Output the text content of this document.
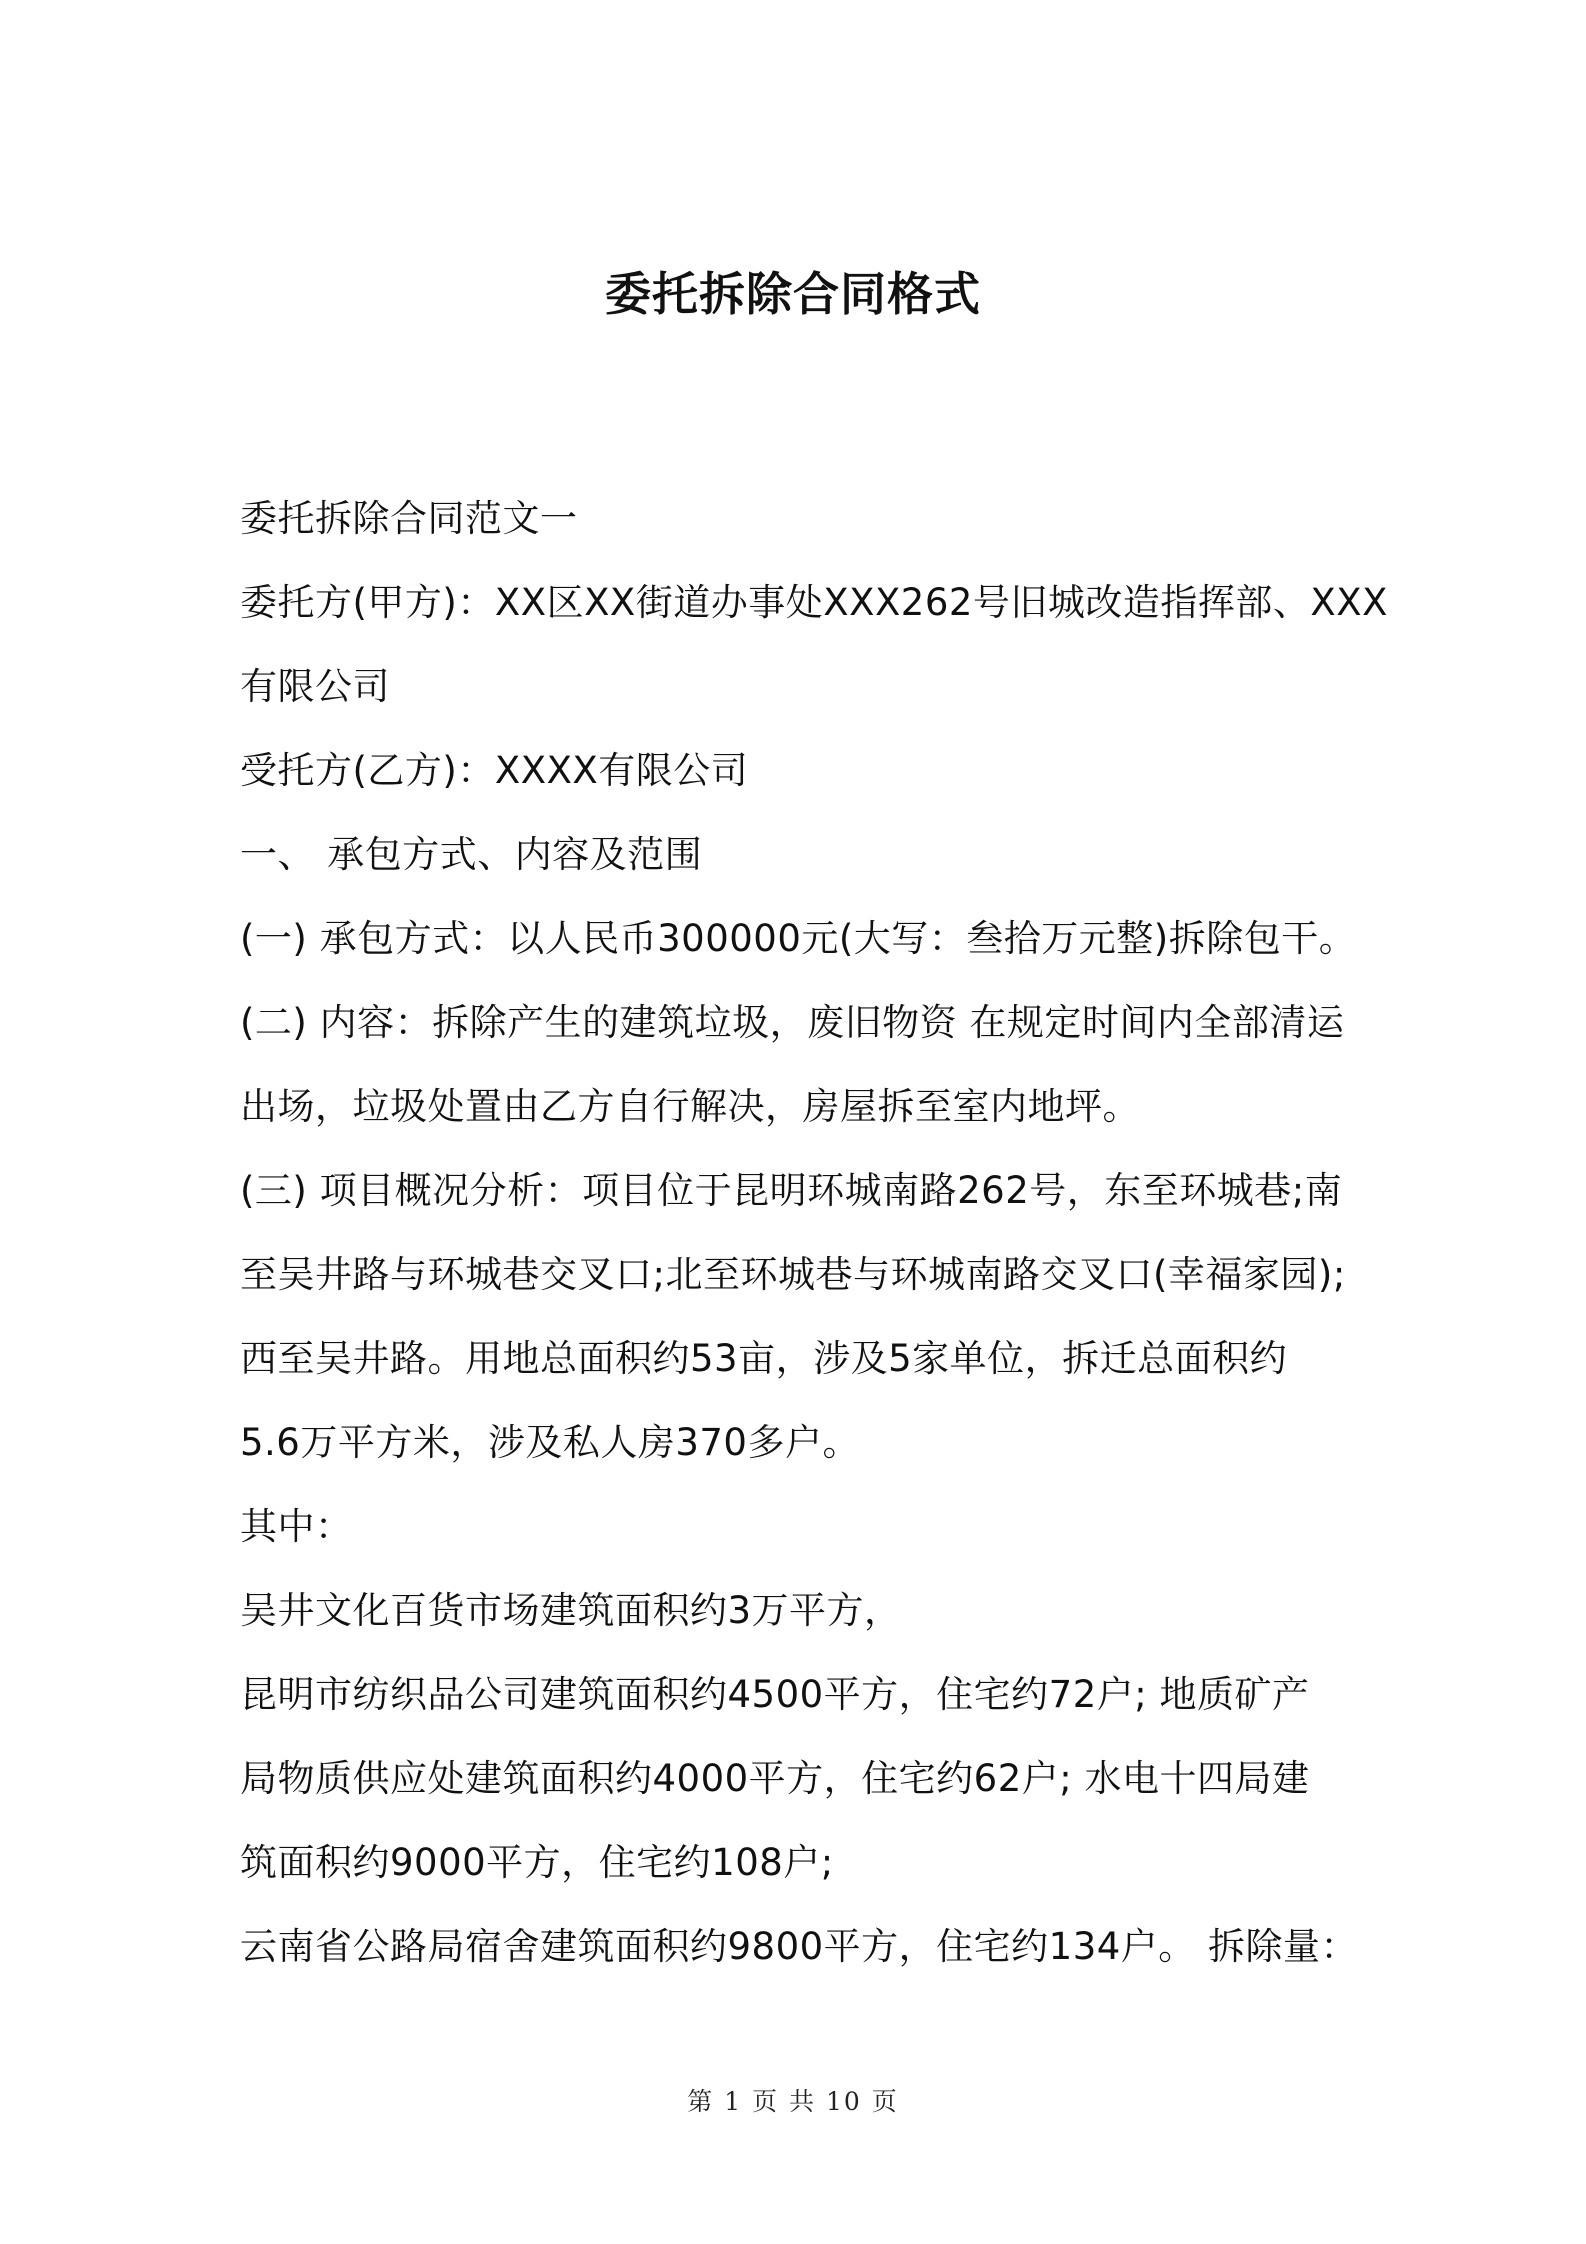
委托拆除合同格式
委托拆除合同范文一
委托方(甲方)：XX区XX街道办事处XXX262号旧城改造指挥部、XXX
有限公司
受托方(乙方)：XXXX有限公司
一、 承包方式、内容及范围
(一) 承包方式：以人民币300000元(大写：叁拾万元整)拆除包干。
(二) 内容：拆除产生的建筑垃圾，废旧物资 在规定时间内全部清运
出场，垃圾处置由乙方自行解决，房屋拆至室内地坪。
(三) 项目概况分析：项目位于昆明环城南路262号，东至环城巷;南
至吴井路与环城巷交叉口;北至环城巷与环城南路交叉口(幸福家园);
西至吴井路。用地总面积约53亩，涉及5家单位，拆迁总面积约
5.6万平方米，涉及私人房370多户。
其中：
吴井文化百货市场建筑面积约3万平方，
昆明市纺织品公司建筑面积约4500平方，住宅约72户; 地质矿产
局物质供应处建筑面积约4000平方，住宅约62户; 水电十四局建
筑面积约9000平方，住宅约108户;
云南省公路局宿舍建筑面积约9800平方，住宅约134户。 拆除量：
第 1 页 共 10 页
